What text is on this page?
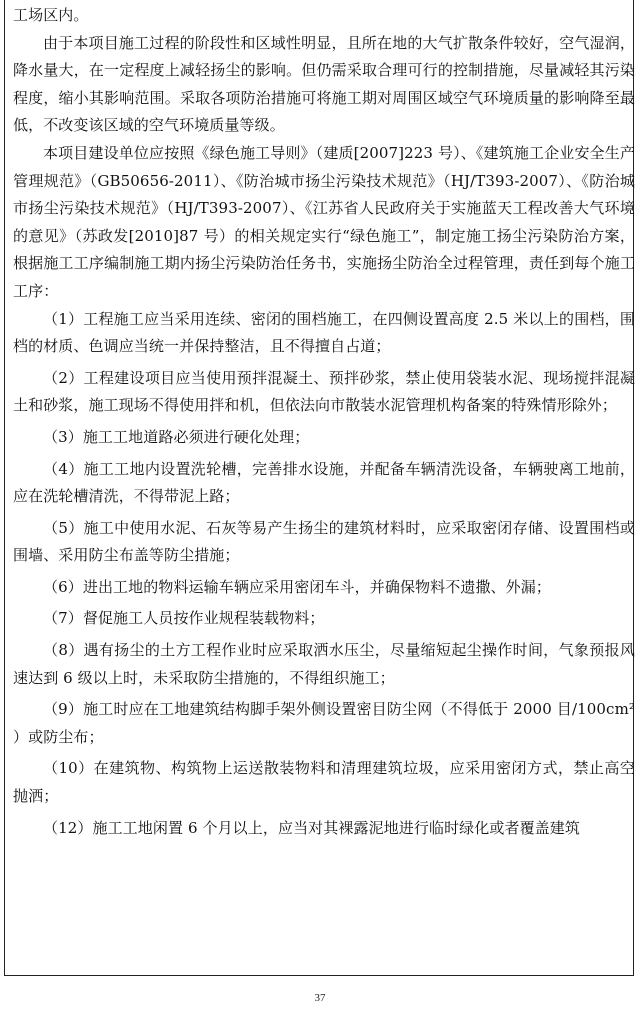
工场区内。

由于本项目施工过程的阶段性和区域性明显，且所在地的大气扩散条件较好，空气湿润，降水量大，在一定程度上减轻扬尘的影响。但仍需采取合理可行的控制措施，尽量减轻其污染程度，缩小其影响范围。采取各项防治措施可将施工期对周围区域空气环境质量的影响降至最低，不改变该区域的空气环境质量等级。

本项目建设单位应按照《绿色施工导则》（建质[2007]223 号）、《建筑施工企业安全生产管理规范》（GB50656-2011）、《防治城市扬尘污染技术规范》（HJ/T393-2007）、《防治城市扬尘污染技术规范》（HJ/T393-2007）、《江苏省人民政府关于实施蓝天工程改善大气环境的意见》（苏政发[2010]87 号）的相关规定实行“绿色施工”，制定施工扬尘污染防治方案，根据施工工序编制施工期内扬尘污染防治任务书，实施扬尘防治全过程管理，责任到每个施工工序：

（1）工程施工应当采用连续、密闭的围档施工，在四侧设置高度 2.5 米以上的围档，围档的材质、色调应当统一并保持整洁，且不得擅自占道；

（2）工程建设项目应当使用预拌混凝土、预拌砂浆，禁止使用袋装水泥、现场搅拌混凝土和砂浆，施工现场不得使用拌和机，但依法向市散装水泥管理机构备案的特殊情形除外；

（3）施工工地道路必须进行硬化处理；

（4）施工工地内设置洗轮槽，完善排水设施，并配备车辆清洗设备，车辆驶离工地前，应在洗轮槽清洗，不得带泥上路；

（5）施工中使用水泥、石灰等易产生扬尘的建筑材料时，应采取密闭存储、设置围档或围墙、采用防尘布盖等防尘措施；

（6）进出工地的物料运输车辆应采用密闭车斗，并确保物料不遗撒、外漏；

（7）督促施工人员按作业规程装载物料；

（8）遇有扬尘的土方工程作业时应采取洒水压尘，尽量缩短起尘操作时间，气象预报风速达到 6 级以上时，未采取防尘措施的，不得组织施工；

（9）施工时应在工地建筑结构脚手架外侧设置密目防尘网（不得低于 2000 目/100cm² ）或防尘布；

（10）在建筑物、构筑物上运送散装物料和清理建筑垃圾，应采用密闭方式，禁止高空抛洒；

（12）施工工地闲置 6 个月以上，应当对其裸露泥地进行临时绿化或者覆盖建筑

37
